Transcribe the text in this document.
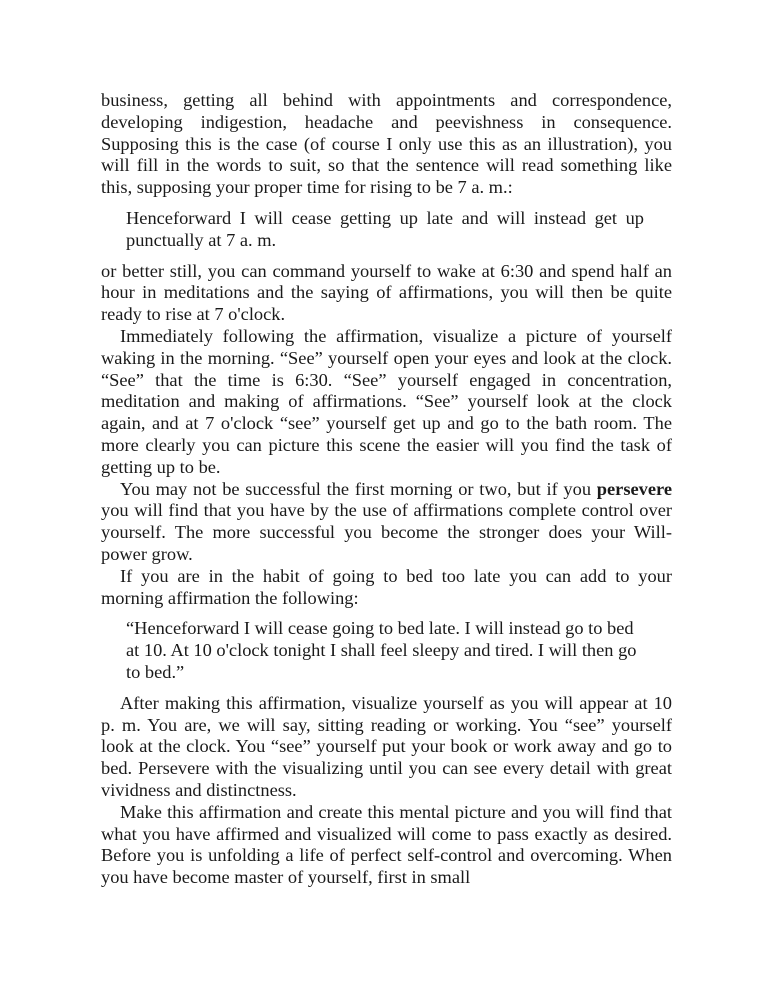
business, getting all behind with appointments and correspondence, developing indigestion, headache and peevishness in consequence. Supposing this is the case (of course I only use this as an illustration), you will fill in the words to suit, so that the sentence will read something like this, supposing your proper time for rising to be 7 a. m.:

Henceforward I will cease getting up late and will instead get up punctually at 7 a. m.

or better still, you can command yourself to wake at 6:30 and spend half an hour in meditations and the saying of affirmations, you will then be quite ready to rise at 7 o'clock.

Immediately following the affirmation, visualize a picture of yourself waking in the morning. “See” yourself open your eyes and look at the clock. “See” that the time is 6:30. “See” yourself engaged in concentration, meditation and making of affirmations. “See” yourself look at the clock again, and at 7 o'clock “see” yourself get up and go to the bath room. The more clearly you can picture this scene the easier will you find the task of getting up to be.

You may not be successful the first morning or two, but if you persevere you will find that you have by the use of affirmations complete control over yourself. The more successful you become the stronger does your Will-power grow.

If you are in the habit of going to bed too late you can add to your morning affirmation the following:

“Henceforward I will cease going to bed late. I will instead go to bed at 10. At 10 o'clock tonight I shall feel sleepy and tired. I will then go to bed.”

After making this affirmation, visualize yourself as you will appear at 10 p. m. You are, we will say, sitting reading or working. You “see” yourself look at the clock. You “see” yourself put your book or work away and go to bed. Persevere with the visualizing until you can see every detail with great vividness and distinctness.

Make this affirmation and create this mental picture and you will find that what you have affirmed and visualized will come to pass exactly as desired. Before you is unfolding a life of perfect self-control and overcoming. When you have become master of yourself, first in small
